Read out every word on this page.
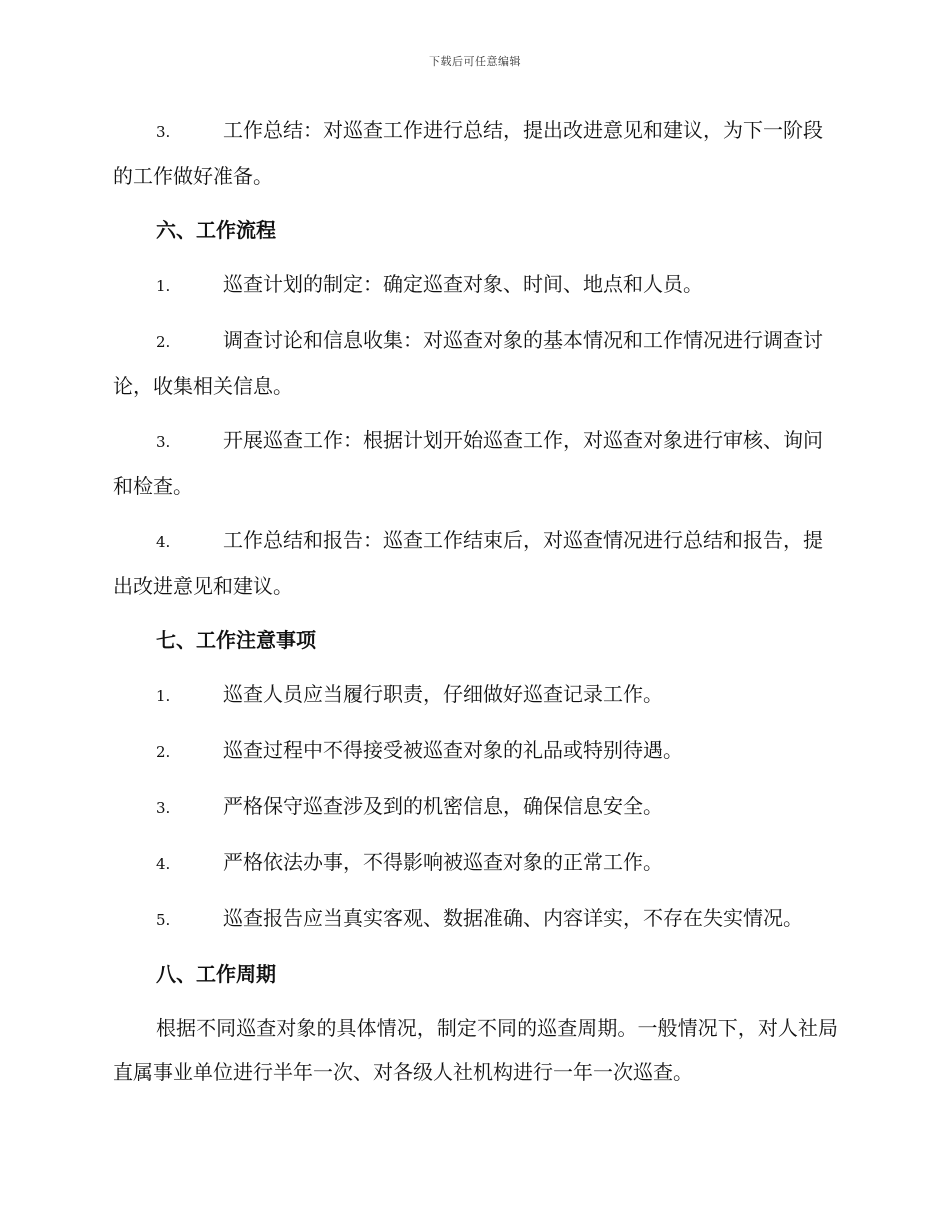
下载后可任意编辑

3.	工作总结：对巡查工作进行总结，提出改进意见和建议，为下一阶段的工作做好准备。

六、工作流程

1.	巡查计划的制定：确定巡查对象、时间、地点和人员。

2.	调查讨论和信息收集：对巡查对象的基本情况和工作情况进行调查讨论，收集相关信息。

3.	开展巡查工作：根据计划开始巡查工作，对巡查对象进行审核、询问和检查。

4.	工作总结和报告：巡查工作结束后，对巡查情况进行总结和报告，提出改进意见和建议。

七、工作注意事项

1.	巡查人员应当履行职责，仔细做好巡查记录工作。

2.	巡查过程中不得接受被巡查对象的礼品或特别待遇。

3.	严格保守巡查涉及到的机密信息，确保信息安全。

4.	严格依法办事，不得影响被巡查对象的正常工作。

5.	巡查报告应当真实客观、数据准确、内容详实，不存在失实情况。

八、工作周期

根据不同巡查对象的具体情况，制定不同的巡查周期。一般情况下，对人社局直属事业单位进行半年一次、对各级人社机构进行一年一次巡查。
